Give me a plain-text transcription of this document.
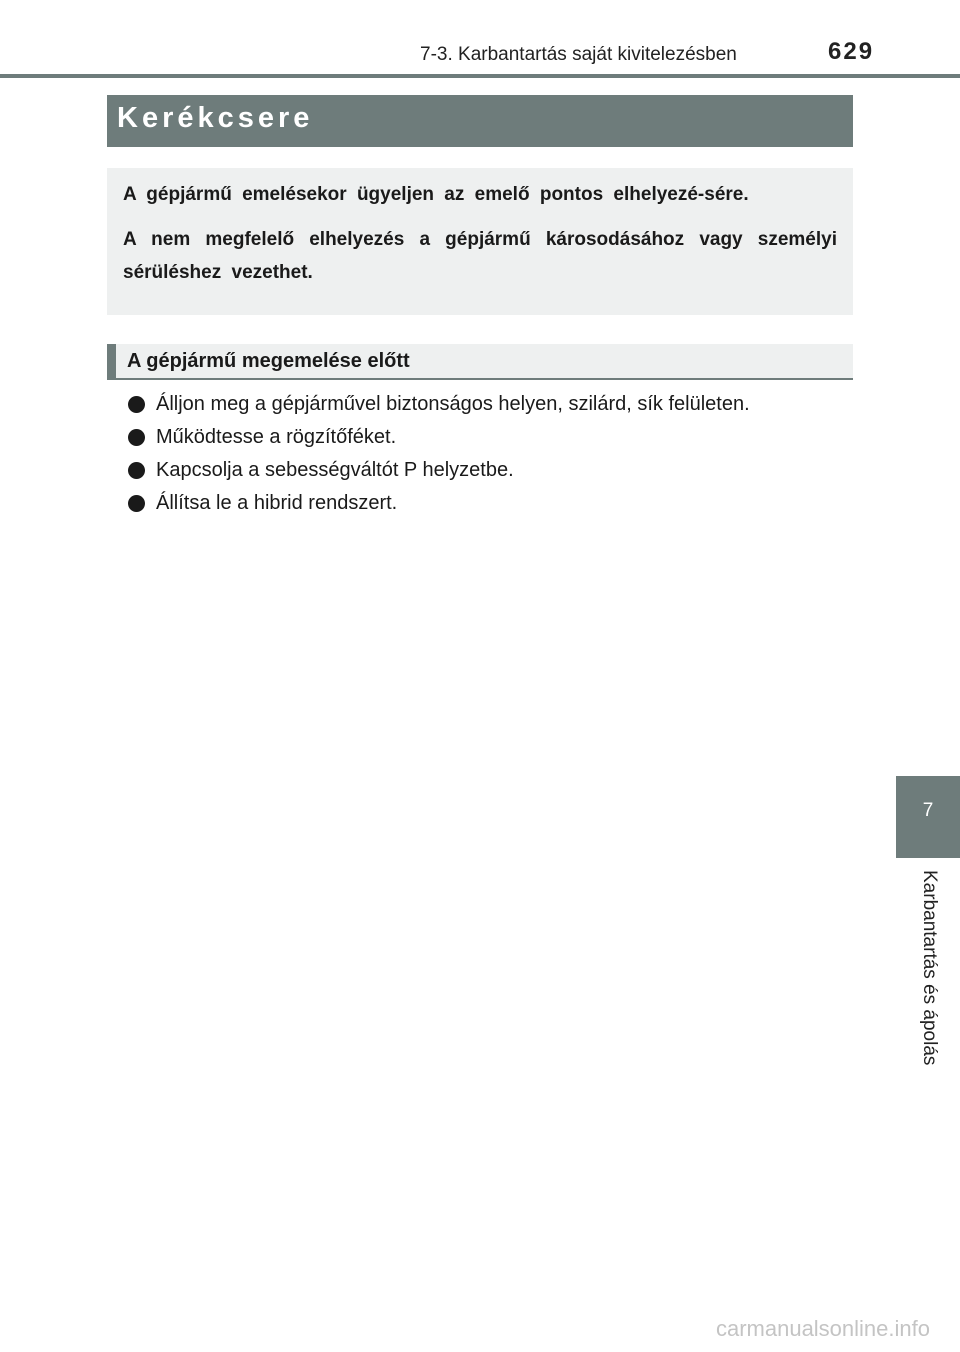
7-3. Karbantartás saját kivitelezésben	629
Kerékcsere

A gépjármű emelésekor ügyeljen az emelő pontos elhelyezé-sére.

A nem megfelelő elhelyezés a gépjármű károsodásához vagy személyi sérüléshez vezethet.

A gépjármű megemelése előtt
Álljon meg a gépjárművel biztonságos helyen, szilárd, sík felületen.
Működtesse a rögzítőféket.
Kapcsolja a sebességváltót P helyzetbe.
Állítsa le a hibrid rendszert.
7
Karbantartás és ápolás
carmanualsonline.info
